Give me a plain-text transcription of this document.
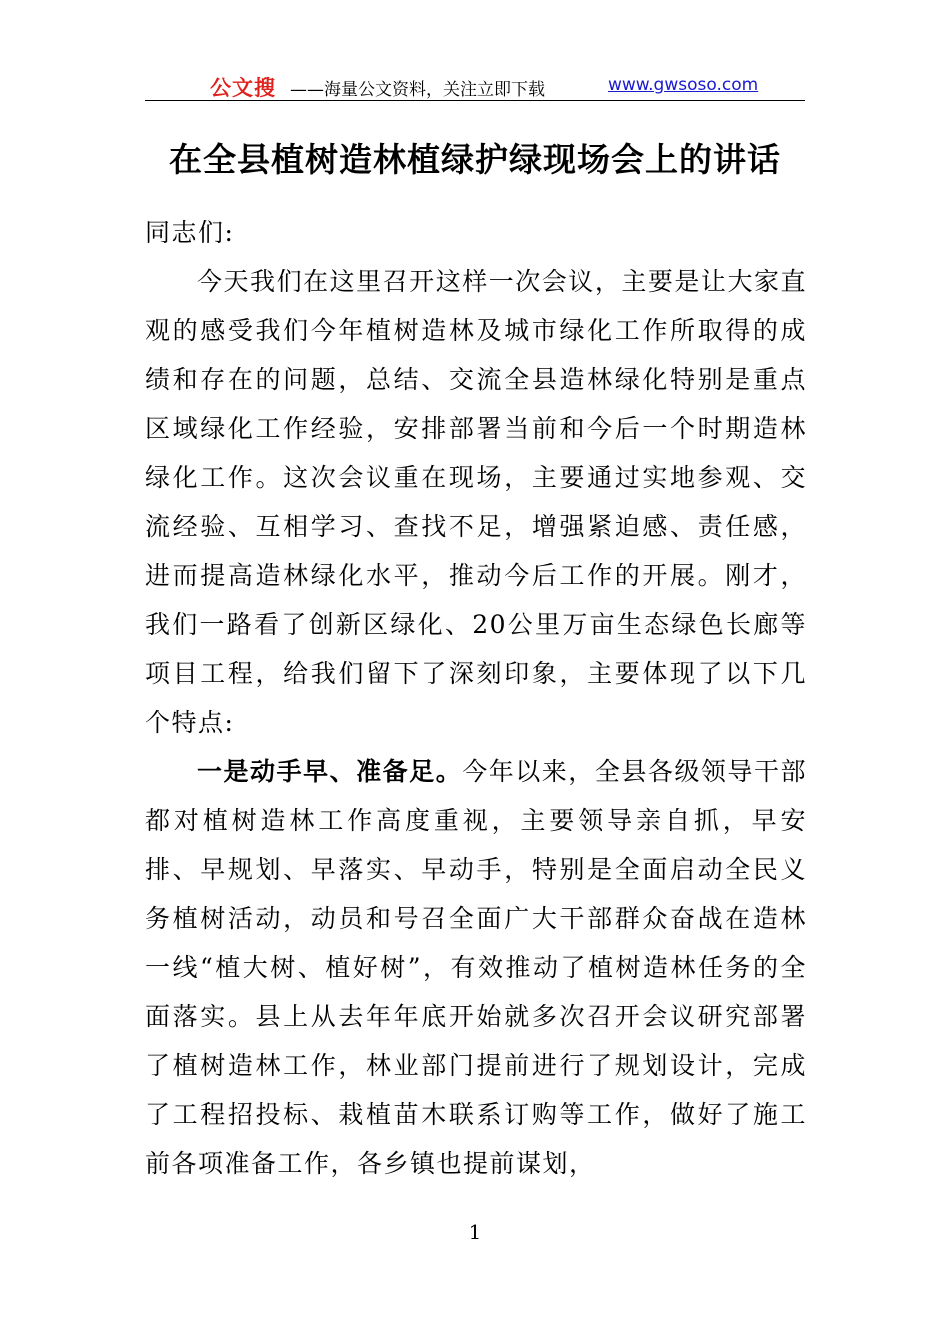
公文搜 ——海量公文资料，关注立即下载	www.gwsoso.com
在全县植树造林植绿护绿现场会上的讲话

同志们:

今天我们在这里召开这样一次会议，主要是让大家直观的感受我们今年植树造林及城市绿化工作所取得的成绩和存在的问题，总结、交流全县造林绿化特别是重点区域绿化工作经验，安排部署当前和今后一个时期造林绿化工作。这次会议重在现场，主要通过实地参观、交流经验、互相学习、查找不足，增强紧迫感、责任感，进而提高造林绿化水平，推动今后工作的开展。刚才，我们一路看了创新区绿化、20公里万亩生态绿色长廊等项目工程，给我们留下了深刻印象，主要体现了以下几个特点:

一是动手早、准备足。今年以来，全县各级领导干部都对植树造林工作高度重视，主要领导亲自抓，早安排、早规划、早落实、早动手，特别是全面启动全民义务植树活动，动员和号召全面广大干部群众奋战在造林一线“植大树、植好树”，有效推动了植树造林任务的全面落实。县上从去年年底开始就多次召开会议研究部署了植树造林工作，林业部门提前进行了规划设计，完成了工程招投标、栽植苗木联系订购等工作，做好了施工前各项准备工作，各乡镇也提前谋划，

1
